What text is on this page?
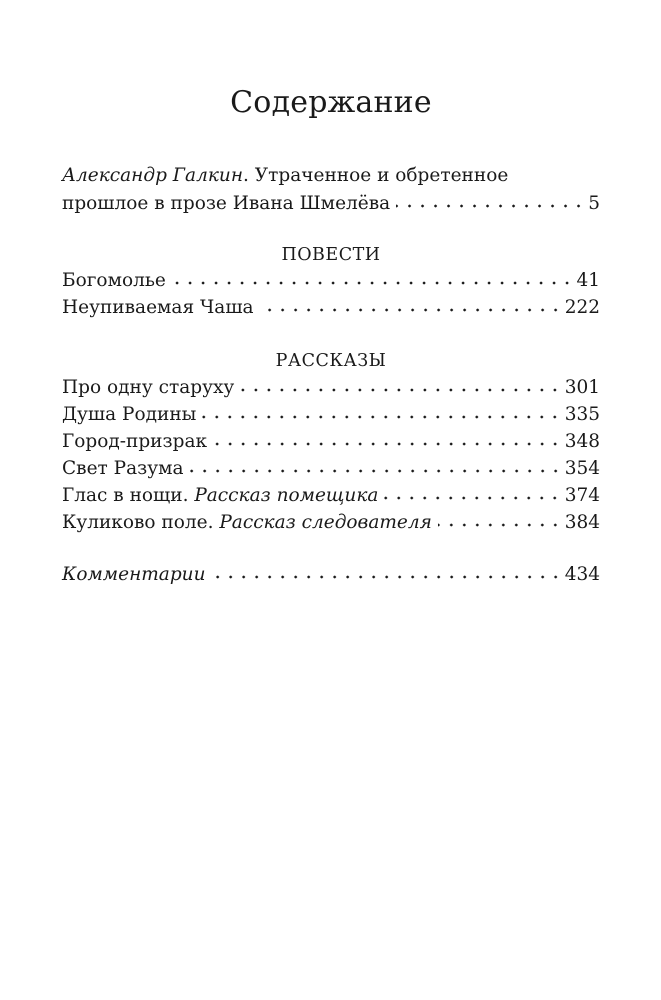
Содержание
Александр Галкин. Утраченное и обретенное
прошлое в прозе Ивана Шмелёва	5
ПОВЕСТИ
Богомолье	41
Неупиваемая Чаша	222
РАССКАЗЫ
Про одну старуху	301
Душа Родины	335
Город-призрак	348
Свет Разума	354
Глас в нощи. Рассказ помещика	374
Куликово поле. Рассказ следователя	384
Комментарии	434
